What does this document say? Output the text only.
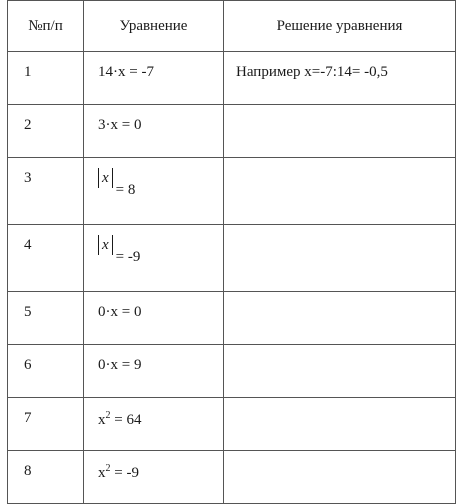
№п/п	Уравнение	Решение уравнения
1	14·x = -7	Например x=-7:14= -0,5
2	3·x = 0	
3	x= 8	
4	x= -9	
5	0·x = 0	
6	0·x = 9	
7	$x^2 = 64$	
8	$x^2 = -9$	
